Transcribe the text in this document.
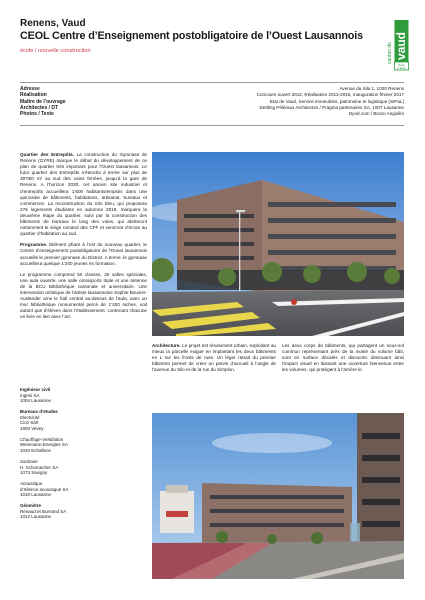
Renens, Vaud
CEOL Centre d’Enseignement postobligatoire de l’Ouest Lausannois
école / nouvelle construction	canton de vaud
liberté
et patrie
Adresse	Avenue du Silo 1, 1020 Renens
Réalisation	Concours ouvert 2012, Réalisation 2013-2016, Inauguration février 2017
Maître de l’ouvrage	Etat de Vaud, Service immeubles, patrimoine et logistique (SIPaL)
Architectes / DT	Dettling Péléraux Architectes / Pragma partenaires SA, 1007 Lausanne
Photos / Texte	Dyod.com / Bruno Angiolini

Quartier des Entrepôts. La construction du Gymnase de Renens (GYRE) marque le début du développement de ce plan de quartier très important pour l’Ouest lausannois. Le futur quartier des Entrepôts s’étendra à terme sur plus de 30’000 m² au sud des voies ferrées, jusqu’à la gare de Renens. A l’horizon 2020, cet ancien site industriel et d’entrepôts accueillera 1’600 habitants/emplois dans une quinzaine de bâtiments, habitations, artisanat, bureaux et commerces. La reconstruction du Silo bleu, qui proposera 276 logements étudiants en automne 2018, marquera la deuxième étape du quartier, suivi par la construction des bâtiments de bureaux le long des voies, qui abriteront notamment le siège romand des CFF et serviront d’écran au quartier d’habitation au sud.

Programme. Elément phare à l’est du nouveau quartier, le Centre d’enseignement postobligatoire de l’Ouest lausannois accueille le premier gymnase du District. A terme, le gymnase accueillera quelque 1’200 jeunes en formation.

Le programme comprend 50 classes, 20 salles spéciales, une aula ouverte, une salle omnisports triple et une antenne de la BCU Bibliothèque cantonale et universitaire. Une intervention artistique de l’artiste lausannoise Sophie Bouvier-Ausländer orne le hall central au-dessus de l’aula, avec un mur bibliothèque monumental percé de 1’200 niches, soit autant que d’élèves dans l’établissement, contenant chacune un livre en lien avec l’art.

Architecture. Le projet est résolument urbain, exploitant au mieux la parcelle exiguë en implantant les deux bâtiments en L sur les fronts de rues. Un léger retrait du premier bâtiment permet de créer un parvis d’accueil à l’angle de l’avenue du Silo et de la rue du Simplon.
Les deux corps de bâtiments, qui partagent un sous-sol commun représentant près de la moitié du volume bâti, sont en surface décalés et dissociés diminuant ainsi l’impact visuel en laissant une ouverture bienvenue entre les volumes, qui protègent à l’arrière le
Ingénieur civil
Ingeni SA
1004 Lausanne
Bureaux d’études
Electricité
Cicé Sàrl
1800 Vevey
Chauffage-Ventilation
Weinmann-Energies SA
1040 Echallens
Sanitaire
H. Schumacher SA
1073 Savigny
Acoustique
d’Silence acoustique SA
1010 Lausanne
Géomètre
Renaud et Burnand SA
1012 Lausanne
